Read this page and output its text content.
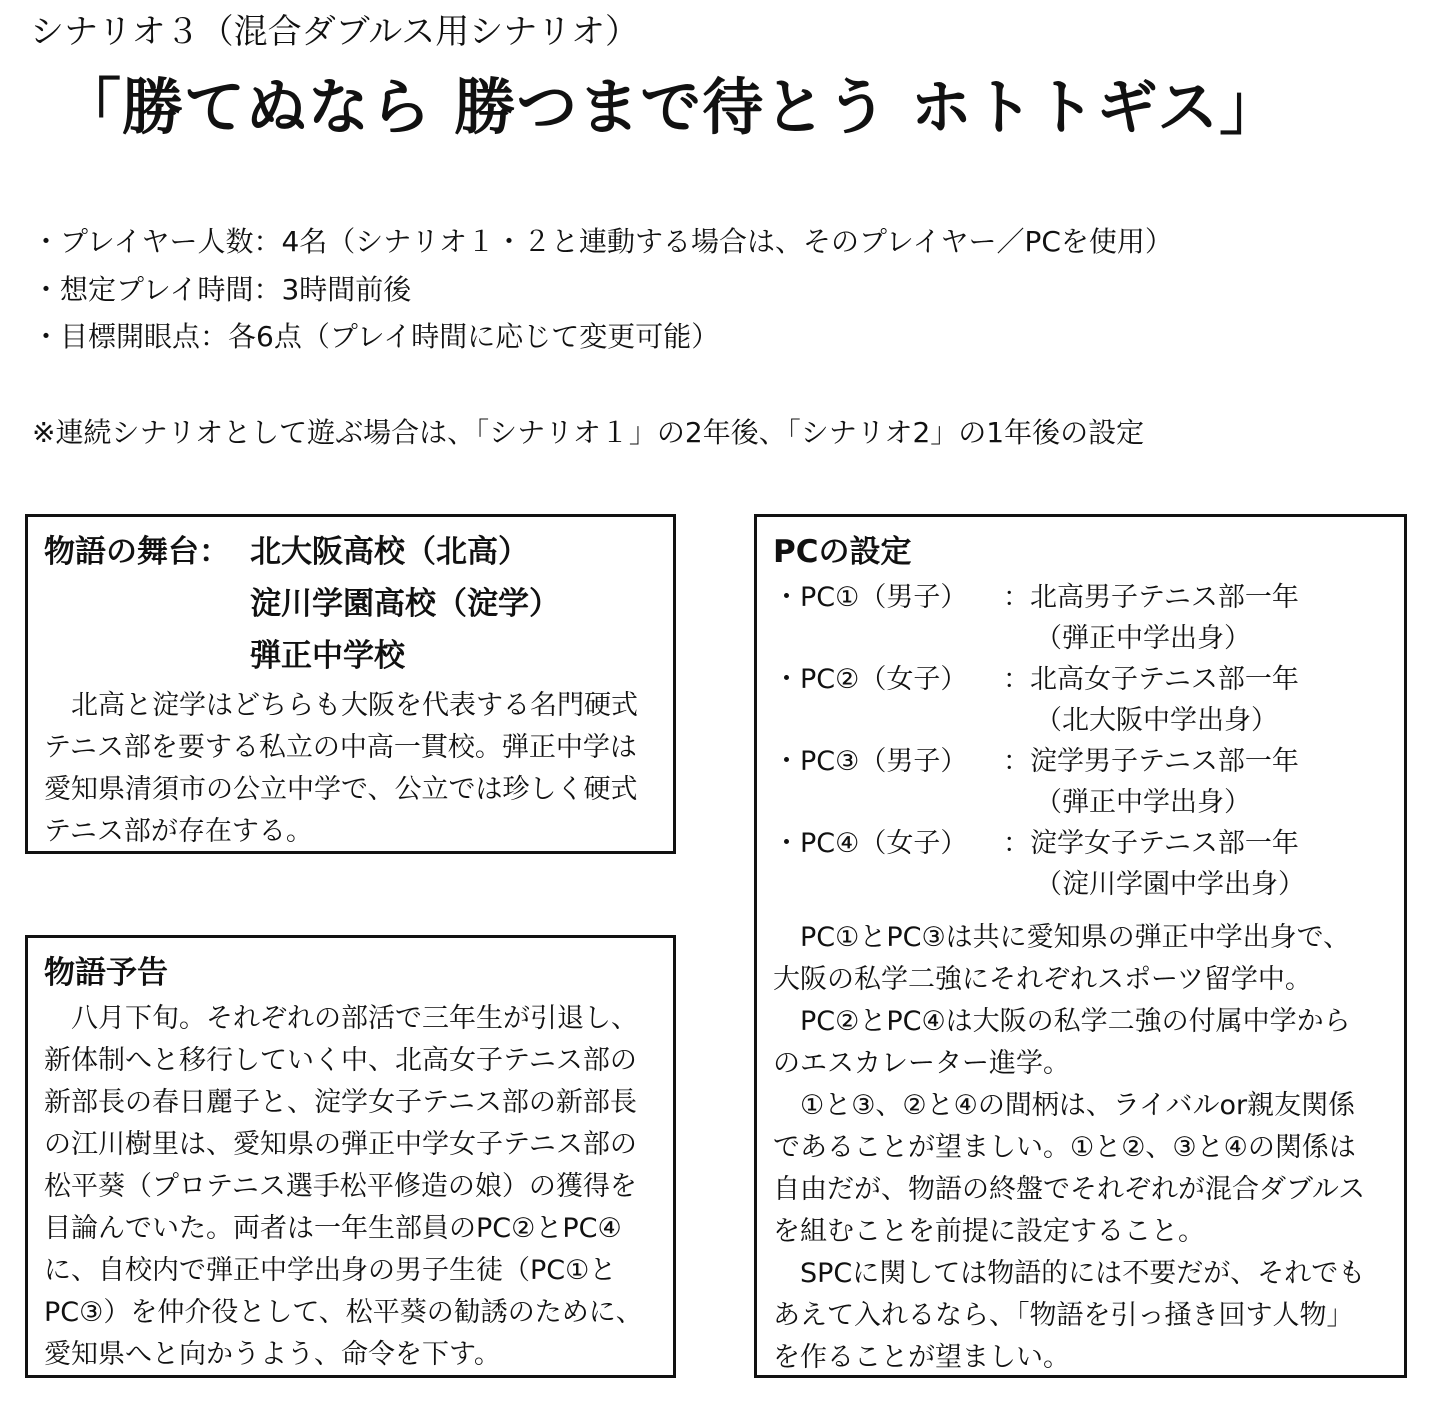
シナリオ３（混合ダブルス用シナリオ）
「勝てぬなら 勝つまで待とう ホトトギス」
・プレイヤー人数：4名（シナリオ１・２と連動する場合は、そのプレイヤー／PCを使用）
・想定プレイ時間：3時間前後
・目標開眼点：各6点（プレイ時間に応じて変更可能）
※連続シナリオとして遊ぶ場合は、「シナリオ１」の2年後、「シナリオ2」の1年後の設定
物語の舞台： 北大阪高校（北高）
淀川学園高校（淀学）
弾正中学校
　北高と淀学はどちらも大阪を代表する名門硬式
テニス部を要する私立の中高一貫校。弾正中学は
愛知県清須市の公立中学で、公立では珍しく硬式
テニス部が存在する。
物語予告
　八月下旬。それぞれの部活で三年生が引退し、
新体制へと移行していく中、北高女子テニス部の
新部長の春日麗子と、淀学女子テニス部の新部長
の江川樹里は、愛知県の弾正中学女子テニス部の
松平葵（プロテニス選手松平修造の娘）の獲得を
目論んでいた。両者は一年生部員のPC②とPC④
に、自校内で弾正中学出身の男子生徒（PC①と
PC③）を仲介役として、松平葵の勧誘のために、
愛知県へと向かうよう、命令を下す。
PCの設定
・PC①（男子） ：北高男子テニス部一年
（弾正中学出身）
・PC②（女子） ：北高女子テニス部一年
（北大阪中学出身）
・PC③（男子） ：淀学男子テニス部一年
（弾正中学出身）
・PC④（女子） ：淀学女子テニス部一年
（淀川学園中学出身）
　PC①とPC③は共に愛知県の弾正中学出身で、
大阪の私学二強にそれぞれスポーツ留学中。
　PC②とPC④は大阪の私学二強の付属中学から
のエスカレーター進学。
　①と③、②と④の間柄は、ライバルor親友関係
であることが望ましい。①と②、③と④の関係は
自由だが、物語の終盤でそれぞれが混合ダブルス
を組むことを前提に設定すること。
　SPCに関しては物語的には不要だが、それでも
あえて入れるなら、「物語を引っ掻き回す人物」
を作ることが望ましい。
